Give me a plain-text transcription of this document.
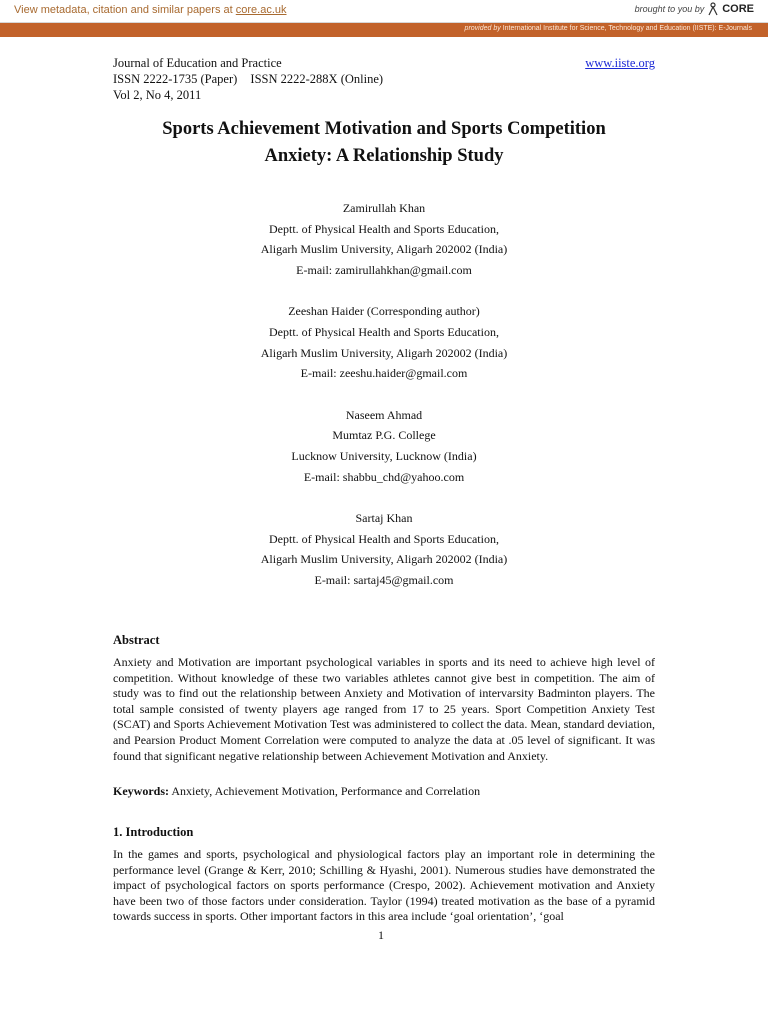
View metadata, citation and similar papers at core.ac.uk	brought to you by CORE
provided by International Institute for Science, Technology and Education (IISTE): E-Journals
Journal of Education and Practice
ISSN 2222-1735 (Paper) ISSN 2222-288X (Online)
Vol 2, No 4, 2011
www.iiste.org
Sports Achievement Motivation and Sports Competition
Anxiety: A Relationship Study
Zamirullah Khan
Deptt. of Physical Health and Sports Education,
Aligarh Muslim University, Aligarh 202002 (India)
E-mail: zamirullahkhan@gmail.com
Zeeshan Haider (Corresponding author)
Deptt. of Physical Health and Sports Education,
Aligarh Muslim University, Aligarh 202002 (India)
E-mail: zeeshu.haider@gmail.com
Naseem Ahmad
Mumtaz P.G. College
Lucknow University, Lucknow (India)
E-mail: shabbu_chd@yahoo.com
Sartaj Khan
Deptt. of Physical Health and Sports Education,
Aligarh Muslim University, Aligarh 202002 (India)
E-mail: sartaj45@gmail.com
Abstract
Anxiety and Motivation are important psychological variables in sports and its need to achieve high level of competition. Without knowledge of these two variables athletes cannot give best in competition. The aim of study was to find out the relationship between Anxiety and Motivation of intervarsity Badminton players. The total sample consisted of twenty players age ranged from 17 to 25 years. Sport Competition Anxiety Test (SCAT) and Sports Achievement Motivation Test was administered to collect the data. Mean, standard deviation, and Pearsion Product Moment Correlation were computed to analyze the data at .05 level of significant. It was found that significant negative relationship between Achievement Motivation and Anxiety.
Keywords: Anxiety, Achievement Motivation, Performance and Correlation
1. Introduction
In the games and sports, psychological and physiological factors play an important role in determining the performance level (Grange & Kerr, 2010; Schilling & Hyashi, 2001). Numerous studies have demonstrated the impact of psychological factors on sports performance (Crespo, 2002). Achievement motivation and Anxiety have been two of those factors under consideration. Taylor (1994) treated motivation as the base of a pyramid towards success in sports. Other important factors in this area include ‘goal orientation’, ‘goal
1
